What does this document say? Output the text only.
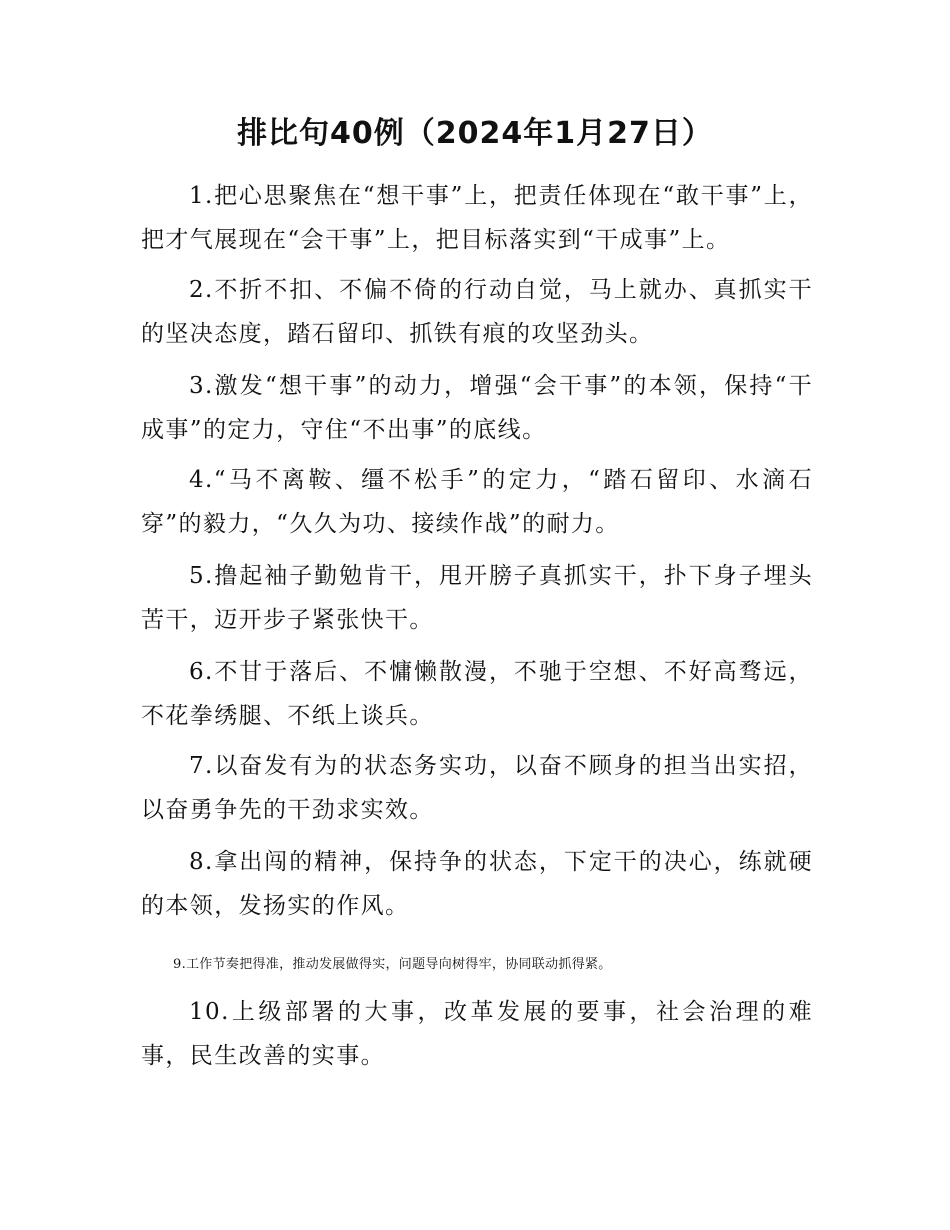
排比句40例（2024年1月27日）

1.把心思聚焦在“想干事”上，把责任体现在“敢干事”上，把才气展现在“会干事”上，把目标落实到“干成事”上。

2.不折不扣、不偏不倚的行动自觉，马上就办、真抓实干的坚决态度，踏石留印、抓铁有痕的攻坚劲头。

3.激发“想干事”的动力，增强“会干事”的本领，保持“干成事”的定力，守住“不出事”的底线。

4.“马不离鞍、缰不松手”的定力，“踏石留印、水滴石穿”的毅力，“久久为功、接续作战”的耐力。

5.撸起袖子勤勉肯干，甩开膀子真抓实干，扑下身子埋头苦干，迈开步子紧张快干。

6.不甘于落后、不慵懒散漫，不驰于空想、不好高骛远，不花拳绣腿、不纸上谈兵。

7.以奋发有为的状态务实功，以奋不顾身的担当出实招，以奋勇争先的干劲求实效。

8.拿出闯的精神，保持争的状态，下定干的决心，练就硬的本领，发扬实的作风。

9.工作节奏把得准，推动发展做得实，问题导向树得牢，协同联动抓得紧。

10.上级部署的大事，改革发展的要事，社会治理的难事，民生改善的实事。
